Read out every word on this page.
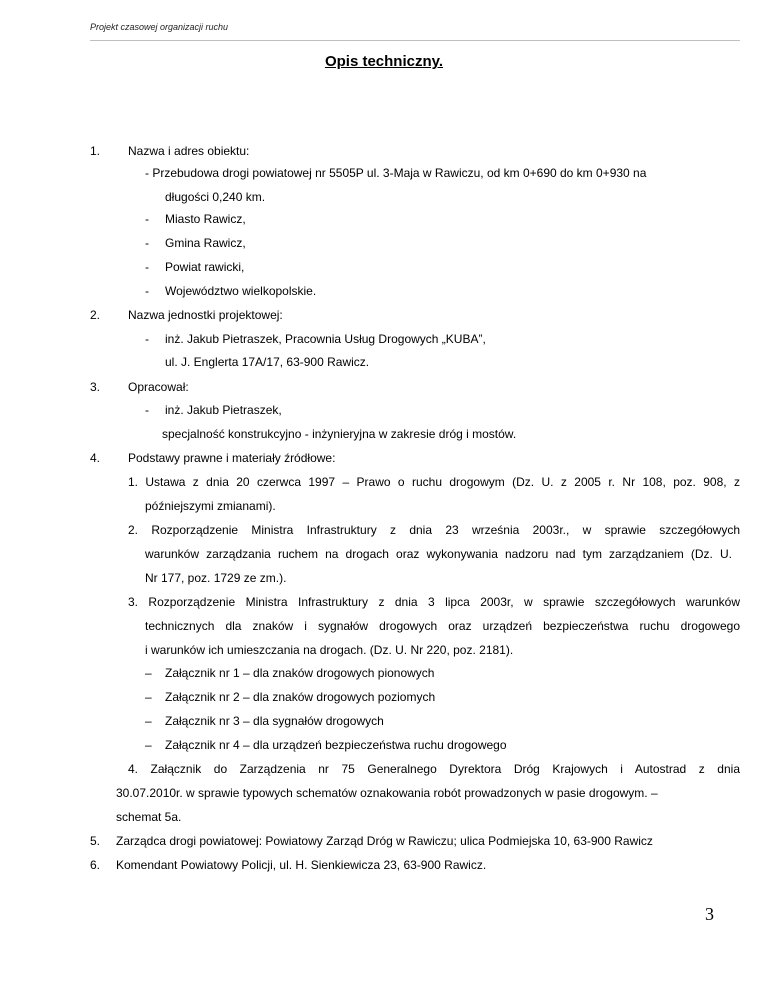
Projekt czasowej organizacji ruchu
Opis techniczny.
1. Nazwa i adres obiektu:
- Przebudowa drogi powiatowej nr 5505P ul. 3-Maja w Rawiczu, od km 0+690 do km 0+930 na
długości 0,240 km.
- Miasto Rawicz,
- Gmina Rawicz,
- Powiat rawicki,
- Województwo wielkopolskie.
2. Nazwa jednostki projektowej:
- inż. Jakub Pietraszek, Pracownia Usług Drogowych „KUBA”,
ul. J. Englerta 17A/17, 63-900 Rawicz.
3. Opracował:
- inż. Jakub Pietraszek,
specjalność konstrukcyjno - inżynieryjna w zakresie dróg i mostów.
4. Podstawy prawne i materiały źródłowe:
1. Ustawa z dnia 20 czerwca 1997 – Prawo o ruchu drogowym (Dz. U. z 2005 r. Nr 108, poz. 908, z
późniejszymi zmianami).
2. Rozporządzenie Ministra Infrastruktury z dnia 23 września 2003r., w sprawie szczegółowych
warunków zarządzania ruchem na drogach oraz wykonywania nadzoru nad tym zarządzaniem (Dz. U.
Nr 177, poz. 1729 ze zm.).
3. Rozporządzenie Ministra Infrastruktury z dnia 3 lipca 2003r, w sprawie szczegółowych warunków
technicznych dla znaków i sygnałów drogowych oraz urządzeń bezpieczeństwa ruchu drogowego
i warunków ich umieszczania na drogach. (Dz. U. Nr 220, poz. 2181).
– Załącznik nr 1 – dla znaków drogowych pionowych
– Załącznik nr 2 – dla znaków drogowych poziomych
– Załącznik nr 3 – dla sygnałów drogowych
– Załącznik nr 4 – dla urządzeń bezpieczeństwa ruchu drogowego
4. Załącznik do Zarządzenia nr 75 Generalnego Dyrektora Dróg Krajowych i Autostrad z dnia
30.07.2010r. w sprawie typowych schematów oznakowania robót prowadzonych w pasie drogowym. –
schemat 5a.
5. Zarządca drogi powiatowej: Powiatowy Zarząd Dróg w Rawiczu; ulica Podmiejska 10, 63-900 Rawicz
6. Komendant Powiatowy Policji, ul. H. Sienkiewicza 23, 63-900 Rawicz.
3
